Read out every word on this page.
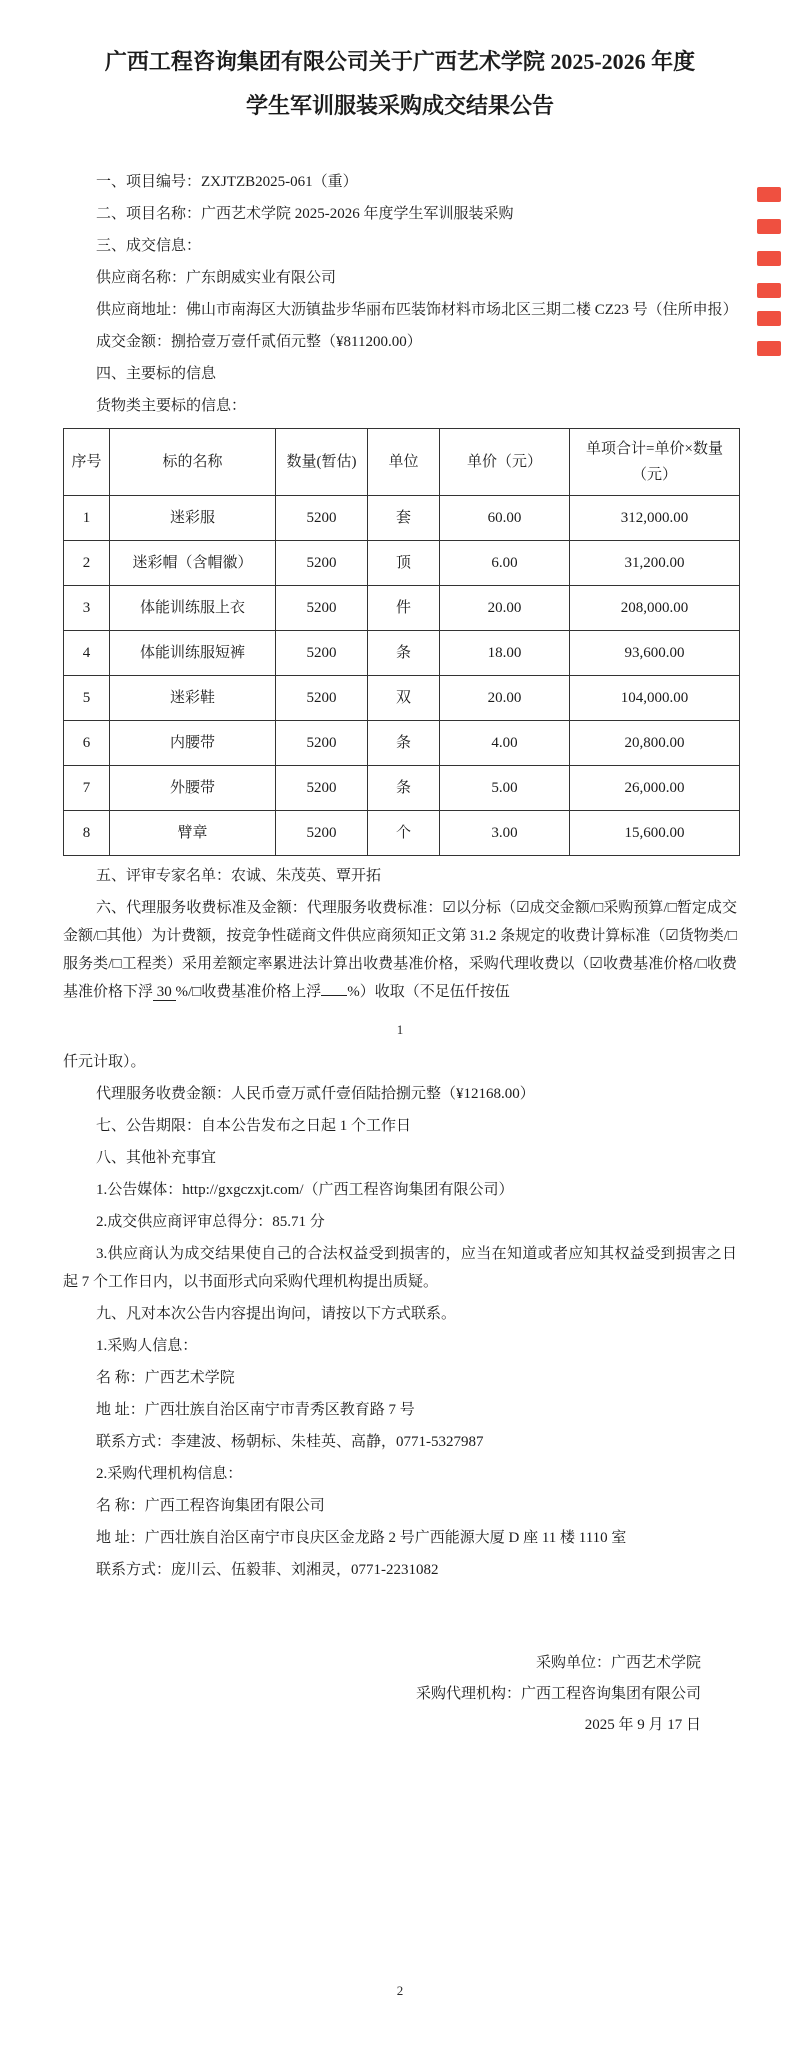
广西工程咨询集团有限公司关于广西艺术学院 2025-2026 年度
学生军训服装采购成交结果公告

一、项目编号：ZXJTZB2025-061（重）

二、项目名称：广西艺术学院 2025-2026 年度学生军训服装采购

三、成交信息：

供应商名称：广东朗威实业有限公司

供应商地址：佛山市南海区大沥镇盐步华丽布匹装饰材料市场北区三期二楼 CZ23 号（住所申报）

成交金额：捌拾壹万壹仟贰佰元整（¥811200.00）

四、主要标的信息

货物类主要标的信息：

序号	标的名称	数量(暂估)	单位	单价（元）	单项合计=单价×数量（元）
1	迷彩服	5200	套	60.00	312,000.00
2	迷彩帽（含帽徽）	5200	顶	6.00	31,200.00
3	体能训练服上衣	5200	件	20.00	208,000.00
4	体能训练服短裤	5200	条	18.00	93,600.00
5	迷彩鞋	5200	双	20.00	104,000.00
6	内腰带	5200	条	4.00	20,800.00
7	外腰带	5200	条	5.00	26,000.00
8	臂章	5200	个	3.00	15,600.00

五、评审专家名单：农诚、朱茂英、覃开拓

六、代理服务收费标准及金额：代理服务收费标准：☑以分标（☑成交金额/□采购预算/□暂定成交金额/□其他）为计费额，按竞争性磋商文件供应商须知正文第 31.2 条规定的收费计算标准（☑货物类/□服务类/□工程类）采用差额定率累进法计算出收费基准价格，采购代理收费以（☑收费基准价格/□收费基准价格下浮 30 %/□收费基准价格上浮 %）收取（不足伍仟按伍

1

仟元计取）。

代理服务收费金额：人民币壹万贰仟壹佰陆拾捌元整（¥12168.00）

七、公告期限：自本公告发布之日起 1 个工作日

八、其他补充事宜

1.公告媒体：http://gxgczxjt.com/（广西工程咨询集团有限公司）

2.成交供应商评审总得分：85.71 分

3.供应商认为成交结果使自己的合法权益受到损害的，应当在知道或者应知其权益受到损害之日起 7 个工作日内，以书面形式向采购代理机构提出质疑。

九、凡对本次公告内容提出询问，请按以下方式联系。

1.采购人信息：

名 称：广西艺术学院

地 址：广西壮族自治区南宁市青秀区教育路 7 号

联系方式：李建波、杨朝标、朱桂英、高静，0771-5327987

2.采购代理机构信息：

名 称：广西工程咨询集团有限公司

地 址：广西壮族自治区南宁市良庆区金龙路 2 号广西能源大厦 D 座 11 楼 1110 室

联系方式：庞川云、伍毅菲、刘湘灵，0771-2231082

采购单位：广西艺术学院

采购代理机构：广西工程咨询集团有限公司

2025 年 9 月 17 日

2
